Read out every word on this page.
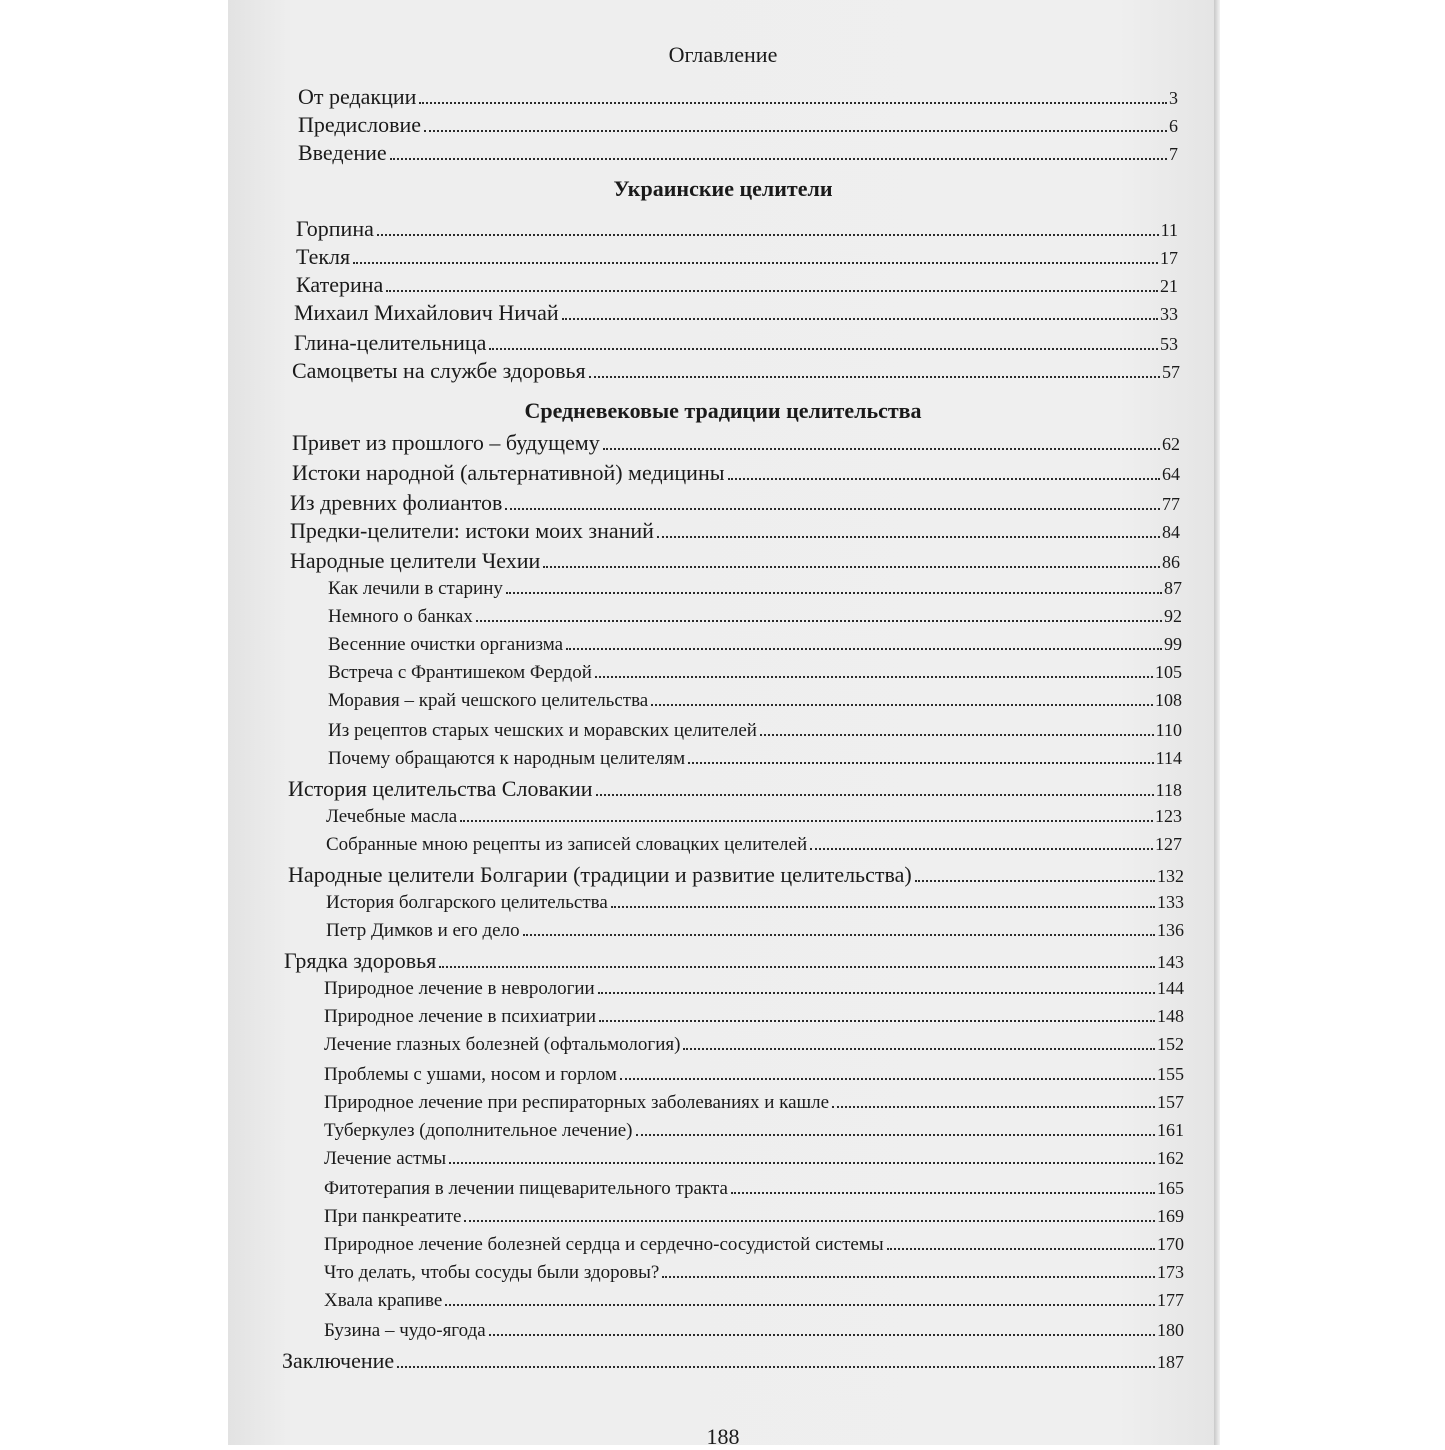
Оглавление
Украинские целители
Средневековые традиции целительства
От редакции	3
Предисловие	6
Введение	7
Горпина	11
Текля	17
Катерина	21
Михаил Михайлович Ничай	33
Глина-целительница	53
Самоцветы на службе здоровья	57
Привет из прошлого – будущему	62
Истоки народной (альтернативной) медицины	64
Из древних фолиантов	77
Предки-целители: истоки моих знаний	84
Народные целители Чехии	86
Как лечили в старину	87
Немного о банках	92
Весенние очистки организма	99
Встреча с Франтишеком Фердой	105
Моравия – край чешского целительства	108
Из рецептов старых чешских и моравских целителей	110
Почему обращаются к народным целителям	114
История целительства Словакии	118
Лечебные масла	123
Собранные мною рецепты из записей словацких целителей	127
Народные целители Болгарии (традиции и развитие целительства)	132
История болгарского целительства	133
Петр Димков и его дело	136
Грядка здоровья	143
Природное лечение в неврологии	144
Природное лечение в психиатрии	148
Лечение глазных болезней (офтальмология)	152
Проблемы с ушами, носом и горлом	155
Природное лечение при респираторных заболеваниях и кашле	157
Туберкулез (дополнительное лечение)	161
Лечение астмы	162
Фитотерапия в лечении пищеварительного тракта	165
При панкреатите	169
Природное лечение болезней сердца и сердечно-сосудистой системы	170
Что делать, чтобы сосуды были здоровы?	173
Хвала крапиве	177
Бузина – чудо-ягода	180
Заключение	187
188
